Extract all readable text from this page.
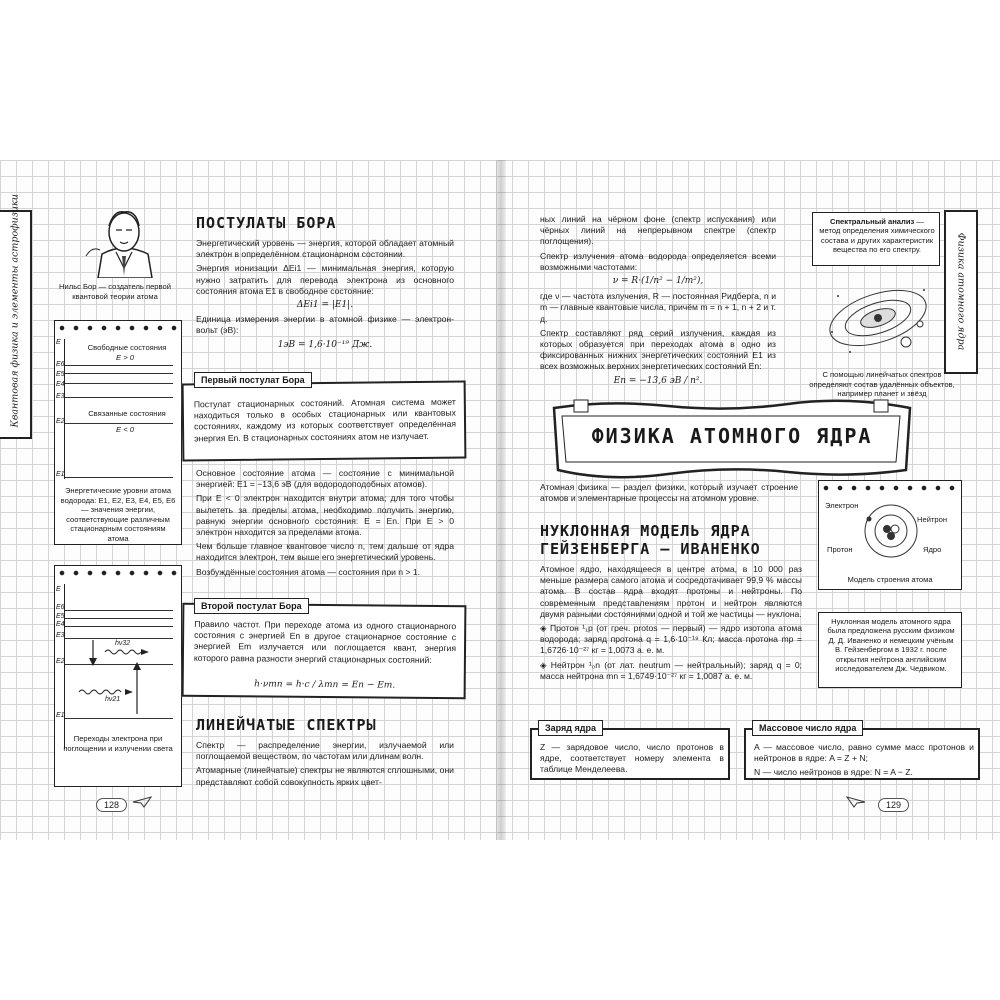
Квантовая физика и элементы астрофизики	Нильс Бор — создатель первой квантовой теории атома
Свободные состояния
E > 0
Связанные состояния
E < 0
E
E6
E5
E4
E3
E2
E1
Энергетические уровни атома водорода: E1, E2, E3, E4, E5, E6 — значения энергии, соответствующие различным стационарным состояниям атома
E
E6
E5
E4
E3
E2
E1
hν32
hν21
Переходы электрона при поглощении и излучении света
ПОСТУЛАТЫ БОРА

Энергетический уровень — энергия, которой обладает атомный электрон в определённом стационарном состоянии.

Энергия ионизации ΔEi1 — минимальная энергия, которую нужно затратить для перевода электрона из основного состояния атома E1 в свободное состояние:

ΔEi1 = |E1|.

Единица измерения энергии в атомной физике — электрон-вольт (эВ):

1эВ = 1,6·10⁻¹⁹ Дж.
Постулат стационарных состояний. Атомная система может находиться только в особых стационарных или квантовых состояниях, каждому из которых соответствует определённая энергия En. В стационарных состояниях атом не излучает.
Первый постулат Бора

Основное состояние атома — состояние с минимальной энергией: E1 = −13,6 эВ (для водородоподобных атомов).

При E < 0 электрон находится внутри атома; для того чтобы вылететь за пределы атома, необходимо получить энергию, равную энергии основного состояния: E = En. При E > 0 электрон находится за пределами атома.

Чем больше главное квантовое число n, тем дальше от ядра находится электрон, тем выше его энергетический уровень.

Возбуждённые состояния атома — состояния при n > 1.

Правило частот. При переходе атома из одного стационарного состояния с энергией En в другое стационарное состояние с энергией Em излучается или поглощается квант, энергия которого равна разности энергий стационарных состояний:
h·νmn = h·c / λmn = En − Em.
Второй постулат Бора
ЛИНЕЙЧАТЫЕ СПЕКТРЫ

Спектр — распределение энергии, излучаемой или поглощаемой веществом, по частотам или длинам волн.

Атомарные (линейчатые) спектры не являются сплошными, они представляют собой совокупность ярких цвет-

128

ных линий на чёрном фоне (спектр испускания) или чёрных линий на непрерывном спектре (спектр поглощения).

Спектр излучения атома водорода определяется всеми возможными частотами:

ν = R·(1/n² − 1/m²),

где ν — частота излучения, R — постоянная Ридберга, n и m — главные квантовые числа, причём m = n + 1, n + 2 и т. д.

Спектр составляют ряд серий излучения, каждая из которых образуется при переходах атома в одно из фиксированных нижних энергетических состояний E1 из всех возможных верхних энергетических состояний En:

En = −13,6 эВ / n².
Спектральный анализ — метод определения химического состава и других характеристик вещества по его спектру.
С помощью линейчатых спектров определяют состав удалённых объектов, например планет и звёзд
Физика атомного ядра
ФИЗИКА АТОМНОГО ЯДРА
Атомная физика — раздел физики, который изучает строение атомов и элементарные процессы на атомном уровне.
НУКЛОННАЯ МОДЕЛЬ ЯДРА
ГЕЙЗЕНБЕРГА — ИВАНЕНКО

Атомное ядро, находящееся в центре атома, в 10 000 раз меньше размера самого атома и сосредотачивает 99,9 % массы атома. В состав ядра входят протоны и нейтроны. По современным представлениям протон и нейтрон являются двумя разными состояниями одной и той же частицы — нуклона.

◈ Протон ¹₁p (от греч. protos — первый) — ядро изотопа атома водорода; заряд протона q = 1,6·10⁻¹⁹ Кл; масса протона mp = 1,6726·10⁻²⁷ кг = 1,0073 а. е. м.

◈ Нейтрон ¹₀n (от лат. neutrum — нейтральный); заряд q = 0; масса нейтрона mn = 1,6749·10⁻²⁷ кг = 1,0087 а. е. м.

Электрон
Нейтрон
Протон	Ядро
Модель строения атома
Нуклонная модель атомного ядра была предложена русским физиком Д. Д. Иваненко и немецким учёным В. Гейзенбергом в 1932 г. после открытия нейтрона английским исследователем Дж. Чедвиком.
Z — зарядовое число, число протонов в ядре, соответствует номеру элемента в таблице Менделеева.
Заряд ядра

A — массовое число, равно сумме масс протонов и нейтронов в ядре: A = Z + N;

N — число нейтронов в ядре: N = A − Z.

Массовое число ядра
129
